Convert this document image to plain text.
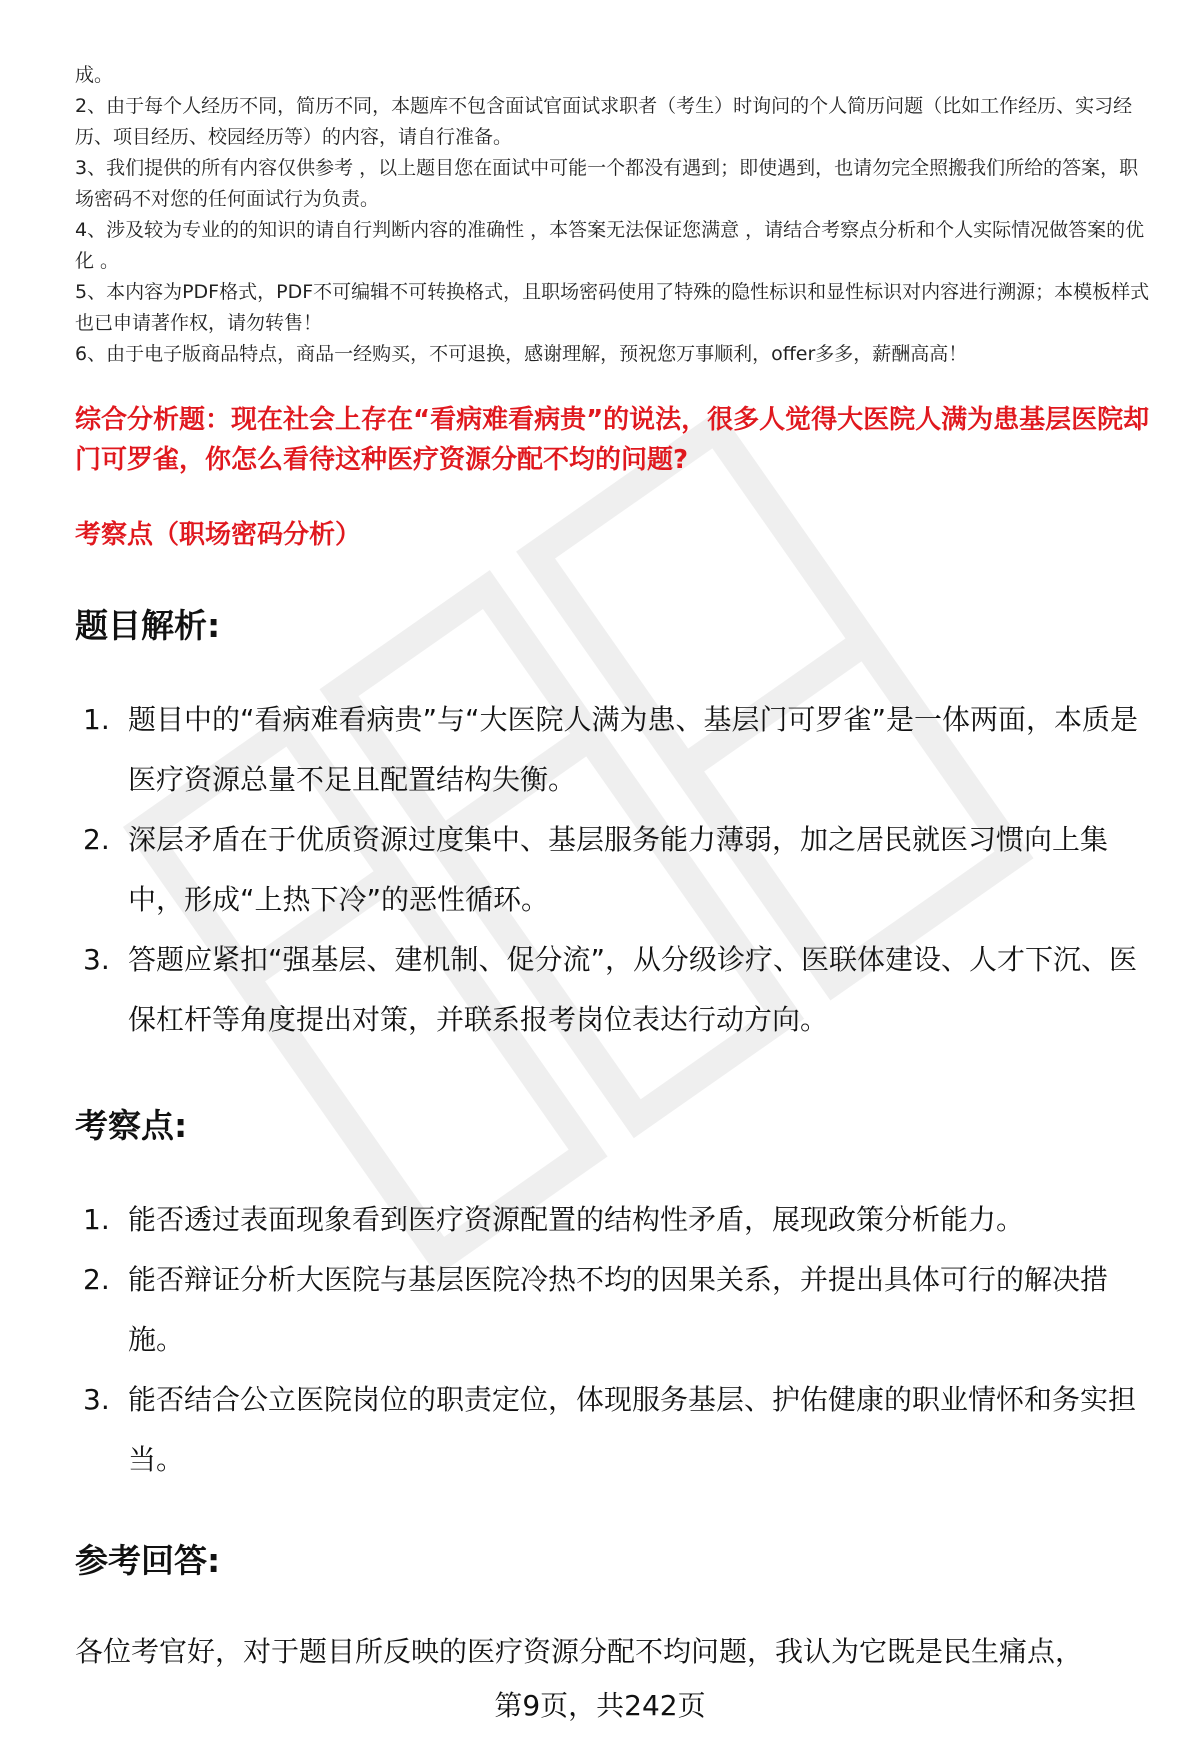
成。

2、由于每个人经历不同，简历不同，本题库不包含面试官面试求职者（考生）时询问的个人简历问题（比如工作经历、实习经历、项目经历、校园经历等）的内容，请自行准备。

3、我们提供的所有内容仅供参考 ，以上题目您在面试中可能一个都没有遇到；即使遇到，也请勿完全照搬我们所给的答案，职场密码不对您的任何面试行为负责。

4、涉及较为专业的的知识的请自行判断内容的准确性 ，本答案无法保证您满意 ，请结合考察点分析和个人实际情况做答案的优化 。

5、本内容为PDF格式，PDF不可编辑不可转换格式，且职场密码使用了特殊的隐性标识和显性标识对内容进行溯源；本模板样式也已申请著作权，请勿转售！

6、由于电子版商品特点，商品一经购买，不可退换，感谢理解，预祝您万事顺利，offer多多，薪酬高高！

综合分析题：现在社会上存在“看病难看病贵”的说法，很多人觉得大医院人满为患基层医院却门可罗雀，你怎么看待这种医疗资源分配不均的问题?
考察点（职场密码分析）
题目解析:
1. 题目中的“看病难看病贵”与“大医院人满为患、基层门可罗雀”是一体两面，本质是医疗资源总量不足且配置结构失衡。
2. 深层矛盾在于优质资源过度集中、基层服务能力薄弱，加之居民就医习惯向上集中，形成“上热下冷”的恶性循环。
3. 答题应紧扣“强基层、建机制、促分流”，从分级诊疗、医联体建设、人才下沉、医保杠杆等角度提出对策，并联系报考岗位表达行动方向。
考察点:
1. 能否透过表面现象看到医疗资源配置的结构性矛盾，展现政策分析能力。
2. 能否辩证分析大医院与基层医院冷热不均的因果关系，并提出具体可行的解决措施。
3. 能否结合公立医院岗位的职责定位，体现服务基层、护佑健康的职业情怀和务实担当。
参考回答:
各位考官好，对于题目所反映的医疗资源分配不均问题，我认为它既是民生痛点，
第9页，共242页
